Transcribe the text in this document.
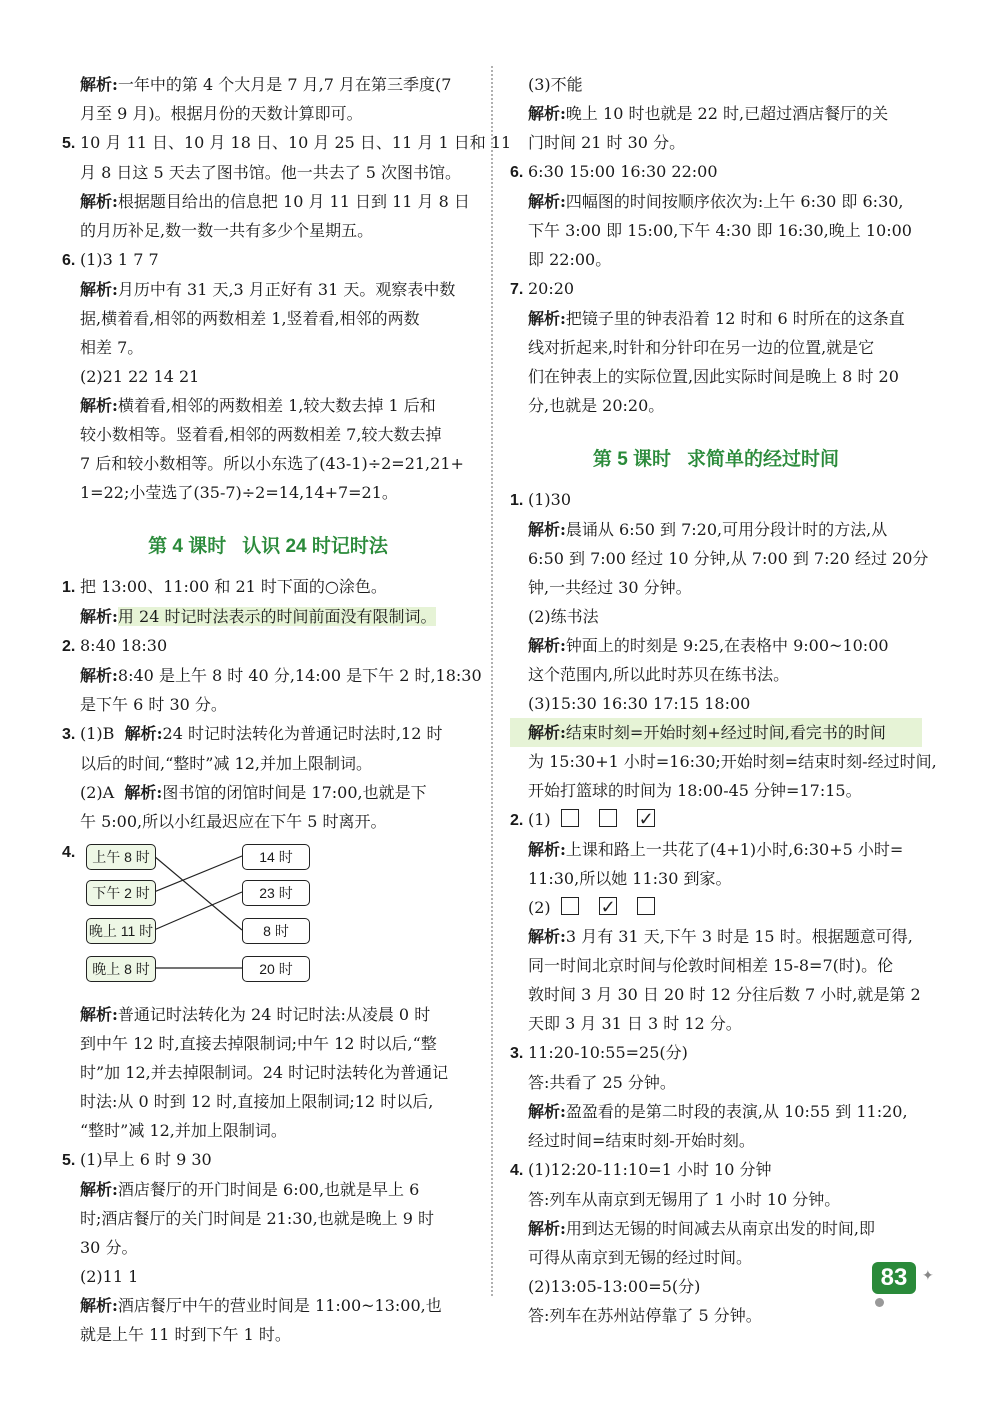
解析:一年中的第 4 个大月是 7 月,7 月在第三季度(7
月至 9 月)。根据月份的天数计算即可。
5. 10 月 11 日、10 月 18 日、10 月 25 日、11 月 1 日和 11
月 8 日这 5 天去了图书馆。他一共去了 5 次图书馆。
解析:根据题目给出的信息把 10 月 11 日到 11 月 8 日
的月历补足,数一数一共有多少个星期五。
6. (1)3 1 7 7
解析:月历中有 31 天,3 月正好有 31 天。观察表中数
据,横着看,相邻的两数相差 1,竖着看,相邻的两数
相差 7。
(2)21 22 14 21
解析:横着看,相邻的两数相差 1,较大数去掉 1 后和
较小数相等。竖着看,相邻的两数相差 7,较大数去掉
7 后和较小数相等。所以小东选了(43-1)÷2=21,21+
1=22;小莹选了(35-7)÷2=14,14+7=21。
第 4 课时 认识 24 时记时法
1. 把 13:00、11:00 和 21 时下面的○涂色。
解析:用 24 时记时法表示的时间前面没有限制词。
2. 8:40 18:30
解析:8:40 是上午 8 时 40 分,14:00 是下午 2 时,18:30
是下午 6 时 30 分。
3. (1)B 解析:24 时记时法转化为普通记时法时,12 时
以后的时间,“整时”减 12,并加上限制词。
(2)A 解析:图书馆的闭馆时间是 17:00,也就是下
午 5:00,所以小红最迟应在下午 5 时离开。
4.	上午 8 时
下午 2 时
晚上 11 时
晚上 8 时
14 时
23 时
8 时
20 时
解析:普通记时法转化为 24 时记时法:从凌晨 0 时
到中午 12 时,直接去掉限制词;中午 12 时以后,“整
时”加 12,并去掉限制词。24 时记时法转化为普通记
时法:从 0 时到 12 时,直接加上限制词;12 时以后,
“整时”减 12,并加上限制词。
5. (1)早上 6 时 9 30
解析:酒店餐厅的开门时间是 6:00,也就是早上 6
时;酒店餐厅的关门时间是 21:30,也就是晚上 9 时
30 分。
(2)11 1
解析:酒店餐厅中午的营业时间是 11:00~13:00,也
就是上午 11 时到下午 1 时。
(3)不能
解析:晚上 10 时也就是 22 时,已超过酒店餐厅的关
门时间 21 时 30 分。
6. 6:30 15:00 16:30 22:00
解析:四幅图的时间按顺序依次为:上午 6:30 即 6:30,
下午 3:00 即 15:00,下午 4:30 即 16:30,晚上 10:00
即 22:00。
7. 20:20
解析:把镜子里的钟表沿着 12 时和 6 时所在的这条直
线对折起来,时针和分针印在另一边的位置,就是它
们在钟表上的实际位置,因此实际时间是晚上 8 时 20
分,也就是 20:20。
第 5 课时 求简单的经过时间
1. (1)30
解析:晨诵从 6:50 到 7:20,可用分段计时的方法,从
6:50 到 7:00 经过 10 分钟,从 7:00 到 7:20 经过 20分
钟,一共经过 30 分钟。
(2)练书法
解析:钟面上的时刻是 9:25,在表格中 9:00~10:00
这个范围内,所以此时苏贝在练书法。
(3)15:30 16:30 17:15 18:00
解析:结束时刻=开始时刻+经过时间,看完书的时间
为 15:30+1 小时=16:30;开始时刻=结束时刻-经过时间,
开始打篮球的时间为 18:00-45 分钟=17:15。
2. (1)✓
解析:上课和路上一共花了(4+1)小时,6:30+5 小时=
11:30,所以她 11:30 到家。
(2)✓
解析:3 月有 31 天,下午 3 时是 15 时。根据题意可得,
同一时间北京时间与伦敦时间相差 15-8=7(时)。伦
敦时间 3 月 30 日 20 时 12 分往后数 7 小时,就是第 2
天即 3 月 31 日 3 时 12 分。
3. 11:20-10:55=25(分)
答:共看了 25 分钟。
解析:盈盈看的是第二时段的表演,从 10:55 到 11:20,
经过时间=结束时刻-开始时刻。
4. (1)12:20-11:10=1 小时 10 分钟
答:列车从南京到无锡用了 1 小时 10 分钟。
解析:用到达无锡的时间减去从南京出发的时间,即
可得从南京到无锡的经过时间。
(2)13:05-13:00=5(分)
答:列车在苏州站停靠了 5 分钟。
83	✦
